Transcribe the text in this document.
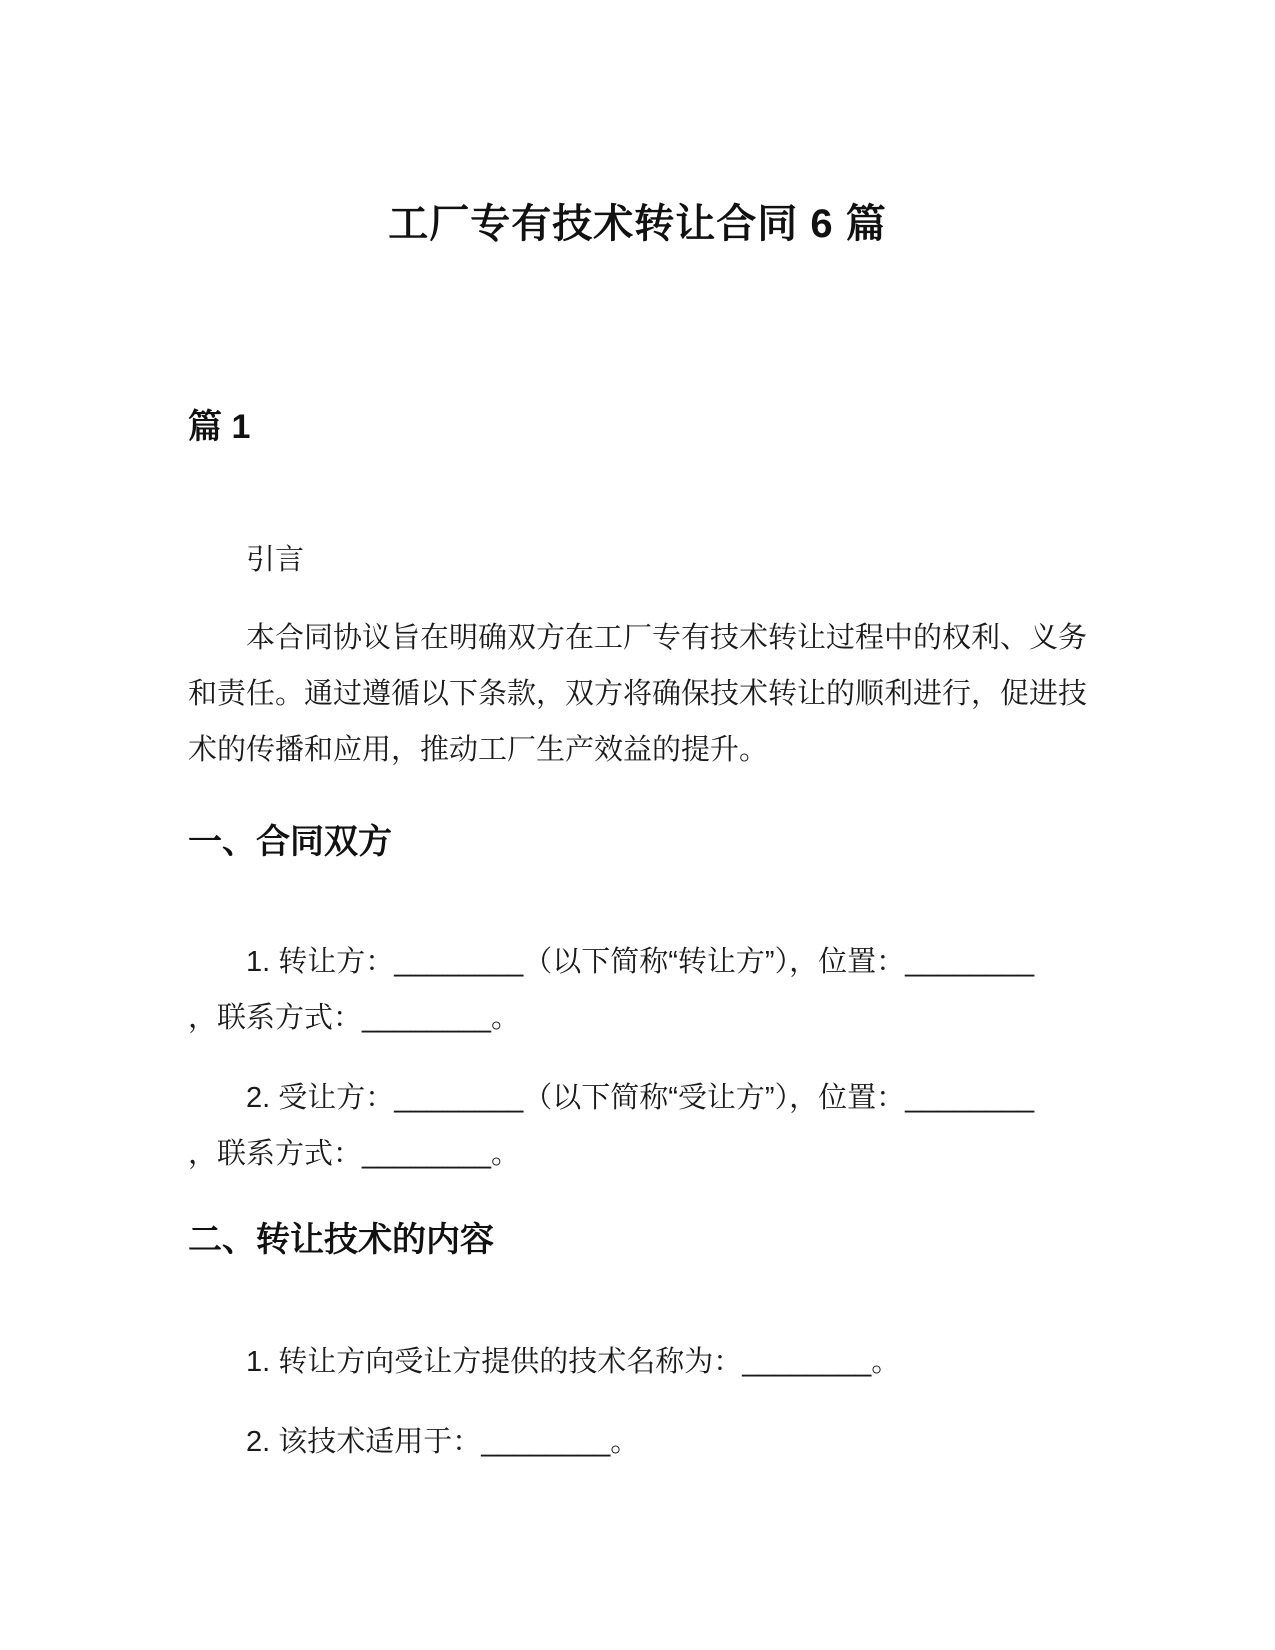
工厂专有技术转让合同 6 篇
篇 1

引言

本合同协议旨在明确双方在工厂专有技术转让过程中的权利、义务和责任。通过遵循以下条款，双方将确保技术转让的顺利进行，促进技术的传播和应用，推动工厂生产效益的提升。

一、合同双方

1. 转让方：________（以下简称“转让方”），位置：________
，联系方式：________。

2. 受让方：________（以下简称“受让方”），位置：________
，联系方式：________。

二、转让技术的内容

1. 转让方向受让方提供的技术名称为：________。

2. 该技术适用于：________。
